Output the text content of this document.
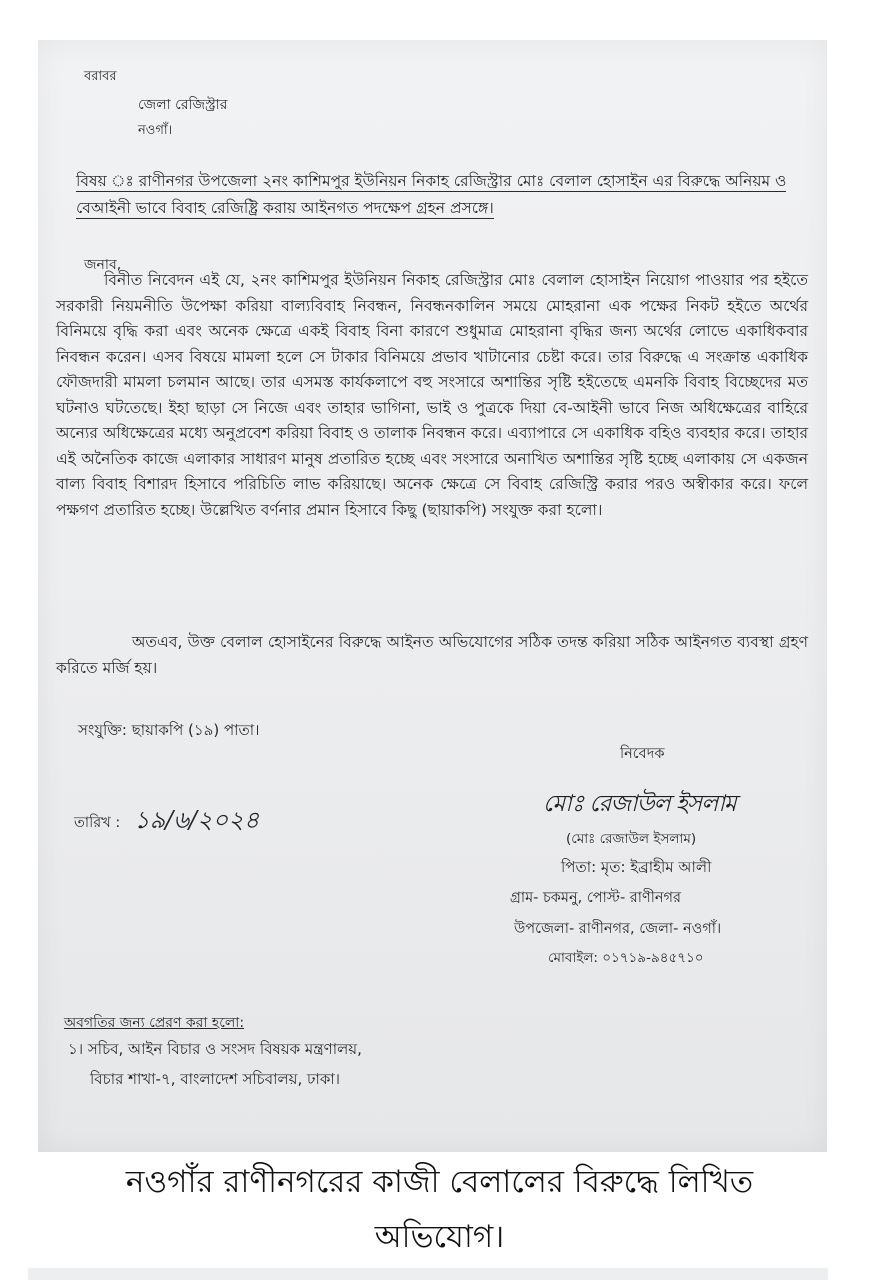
বরাবর
জেলা রেজিস্ট্রার
নওগাঁ।
বিষয় ঃ রাণীনগর উপজেলা ২নং কাশিমপুর ইউনিয়ন নিকাহ রেজিস্ট্রার মোঃ বেলাল হোসাইন এর বিরুদ্ধে অনিয়ম ও বেআইনী ভাবে বিবাহ রেজিষ্ট্রি করায় আইনগত পদক্ষেপ গ্রহন প্রসঙ্গে।
জনাব,
বিনীত নিবেদন এই যে, ২নং কাশিমপুর ইউনিয়ন নিকাহ রেজিস্ট্রার মোঃ বেলাল হোসাইন নিয়োগ পাওয়ার পর হইতে সরকারী নিয়মনীতি উপেক্ষা করিয়া বাল্যবিবাহ নিবন্ধন, নিবন্ধনকালিন সময়ে মোহরানা এক পক্ষের নিকট হইতে অর্থের বিনিময়ে বৃদ্ধি করা এবং অনেক ক্ষেত্রে একই বিবাহ বিনা কারণে শুধুমাত্র মোহরানা বৃদ্ধির জন্য অর্থের লোভে একাধিকবার নিবন্ধন করেন। এসব বিষয়ে মামলা হলে সে টাকার বিনিময়ে প্রভাব খাটানোর চেষ্টা করে। তার বিরুদ্ধে এ সংক্রান্ত একাধিক ফৌজদারী মামলা চলমান আছে। তার এসমস্ত কার্যকলাপে বহু সংসারে অশান্তির সৃষ্টি হইতেছে এমনকি বিবাহ বিচ্ছেদের মত ঘটনাও ঘটতেছে। ইহা ছাড়া সে নিজে এবং তাহার ভাগিনা, ভাই ও পুত্রকে দিয়া বে-আইনী ভাবে নিজ অধিক্ষেত্রের বাহিরে অন্যের অধিক্ষেত্রের মধ্যে অনুপ্রবেশ করিয়া বিবাহ ও তালাক নিবন্ধন করে। এব্যাপারে সে একাধিক বহিও ব্যবহার করে। তাহার এই অনৈতিক কাজে এলাকার সাধারণ মানুষ প্রতারিত হচ্ছে এবং সংসারে অনাখিত অশান্তির সৃষ্টি হচ্ছে এলাকায় সে একজন বাল্য বিবাহ বিশারদ হিসাবে পরিচিতি লাভ করিয়াছে। অনেক ক্ষেত্রে সে বিবাহ রেজিস্ট্রি করার পরও অস্বীকার করে। ফলে পক্ষগণ প্রতারিত হচ্ছে। উল্লেখিত বর্ণনার প্রমান হিসাবে কিছু (ছায়াকপি) সংযুক্ত করা হলো।
অতএব, উক্ত বেলাল হোসাইনের বিরুদ্ধে আইনত অভিযোগের সঠিক তদন্ত করিয়া সঠিক আইনগত ব্যবস্থা গ্রহণ করিতে মর্জি হয়।
সংযুক্তি: ছায়াকপি (১৯) পাতা।
নিবেদক
মোঃ রেজাউল ইসলাম
তারিখ : ১৯/৬/২০২৪
(মোঃ রেজাউল ইসলাম)
পিতা: মৃত: ইব্রাহীম আলী
গ্রাম- চকমনু, পোস্ট- রাণীনগর
উপজেলা- রাণীনগর, জেলা- নওগাঁ।
মোবাইল: ০১৭১৯-৯৪৫৭১০
অবগতির জন্য প্রেরণ করা হলো:
১। সচিব, আইন বিচার ও সংসদ বিষয়ক মন্ত্রণালয়,
বিচার শাখা-৭, বাংলাদেশ সচিবালয়, ঢাকা।
নওগাঁর রাণীনগরের কাজী বেলালের বিরুদ্ধে লিখিত
অভিযোগ।
